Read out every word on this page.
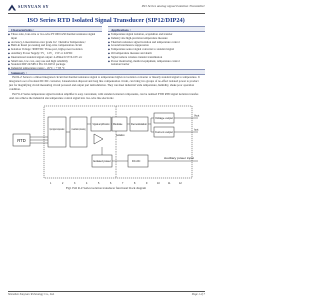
SUNYUAN SY	ISO Series analog signal Isolation Transmitter
ISO Series RTD Isolated Signal Transducer (SIP12/DIP24)
Characteristics :	Applications :
◆ Three-wire, four-wire or two-wire PT100/Cu50 thermal resistance signal
input
◆ Accuracy, Linearization error grade 0.2（Relative Temperature）
◆ Built-in lineal processing and long-wire compensation circuit
◆ Isolation Voltage: 3000VDC Three-port, high-power isolation
◆ Auxiliary Power Supply: 5V、12V、15V or 24VDC
◆ International standard signal output: 4-20mA/0-5V/0-10V etc
◆ Small size, low cost, easy use and high reliability
◆ Standard DIP 24/SIP12 Pin: UL94V-0 package
◆
◆ Temperature signal isolation, acquisition and transfer
◆ Industry site high-precision temperature measure
◆ Thermal resistance signal isolation and temperature control
◆ Ground interference suppression
◆ Temperature sensor signal converter to standard signal
◆ Oil temperature measure and alarm
◆ Signal remote wireless transfer transmission
◆ Power monitoring, medical equipment, temperature control
isolation barrier
Summary :

ISO R-Z Series is a mixed integrated circuit that thermal resistance signal to temperature high-low isolation converter or linearly standard signal to temperature. It integrated a set of isolated DC/DC converter, Linearization disposal and long line compensation circuit, can bring two groups of no-affect isolated power to product just for magnifying circuit measuring circuit powered and output part demodulation. They can meet industrial wide temperature, humidity, shake poor operation condition.

ISO W-Z Series temperature signal isolation amplifier is easy convenient, with standard external components, can be realized PT00 RTD signal isolation transfer. And can achieve the industrial site temperature control signal into two-wire line electronic.

RTD
Input signal compensation
Linearization processing
Signal amplification Modulate
Isolation
Demodulation
Voltage output
Current output
Vout
Iout
Isolated power	DC-DC
Auxiliary power input
1	2	3	4	5	6	7	8	9	10	11	12
Fig1 ISO R-Z Series isolation transducer functional block diagram
Shenzhen Sunyuan Technology Co., Ltd.	Page 1 of 7
